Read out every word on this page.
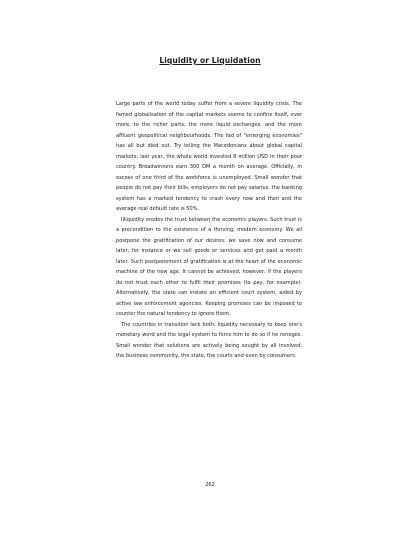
Liquidity or Liquidation

Large parts of the world today suffer from a severe liquidity crisis. The famed globalisation of the capital markets seems to confine itself, ever more, to the richer parts, the more liquid exchanges, and the more affluent geopolitical neighbourhoods. The fad of "emerging economies" has all but died out. Try telling the Macedonians about global capital markets: last year, the whole world invested 8 million USD in their poor country. Breadwinners earn 300 DM a month on average. Officially, in excess of one third of the workforce is unemployed. Small wonder that people do not pay their bills, employers do not pay salaries, the banking system has a marked tendency to crash every now and then and the average real default rate is 50%.

Illiquidity erodes the trust between the economic players. Such trust is a precondition to the existence of a thriving, modern economy. We all postpone the gratification of our desires: we save now and consume later, for instance or we sell goods or services and get paid a month later. Such postponement of gratification is at the heart of the economic machine of the new age. It cannot be achieved, however, if the players do not trust each other to fulfil their promises (to pay, for example). Alternatively, the state can instate an efficient court system, aided by active law enforcement agencies. Keeping promises can be imposed to counter the natural tendency to ignore them.

The countries in transition lack both: liquidity necessary to keep one's monetary word and the legal system to force him to do so if he reneges. Small wonder that solutions are actively being sought by all involved: the business community, the state, the courts and even by consumers.

262
